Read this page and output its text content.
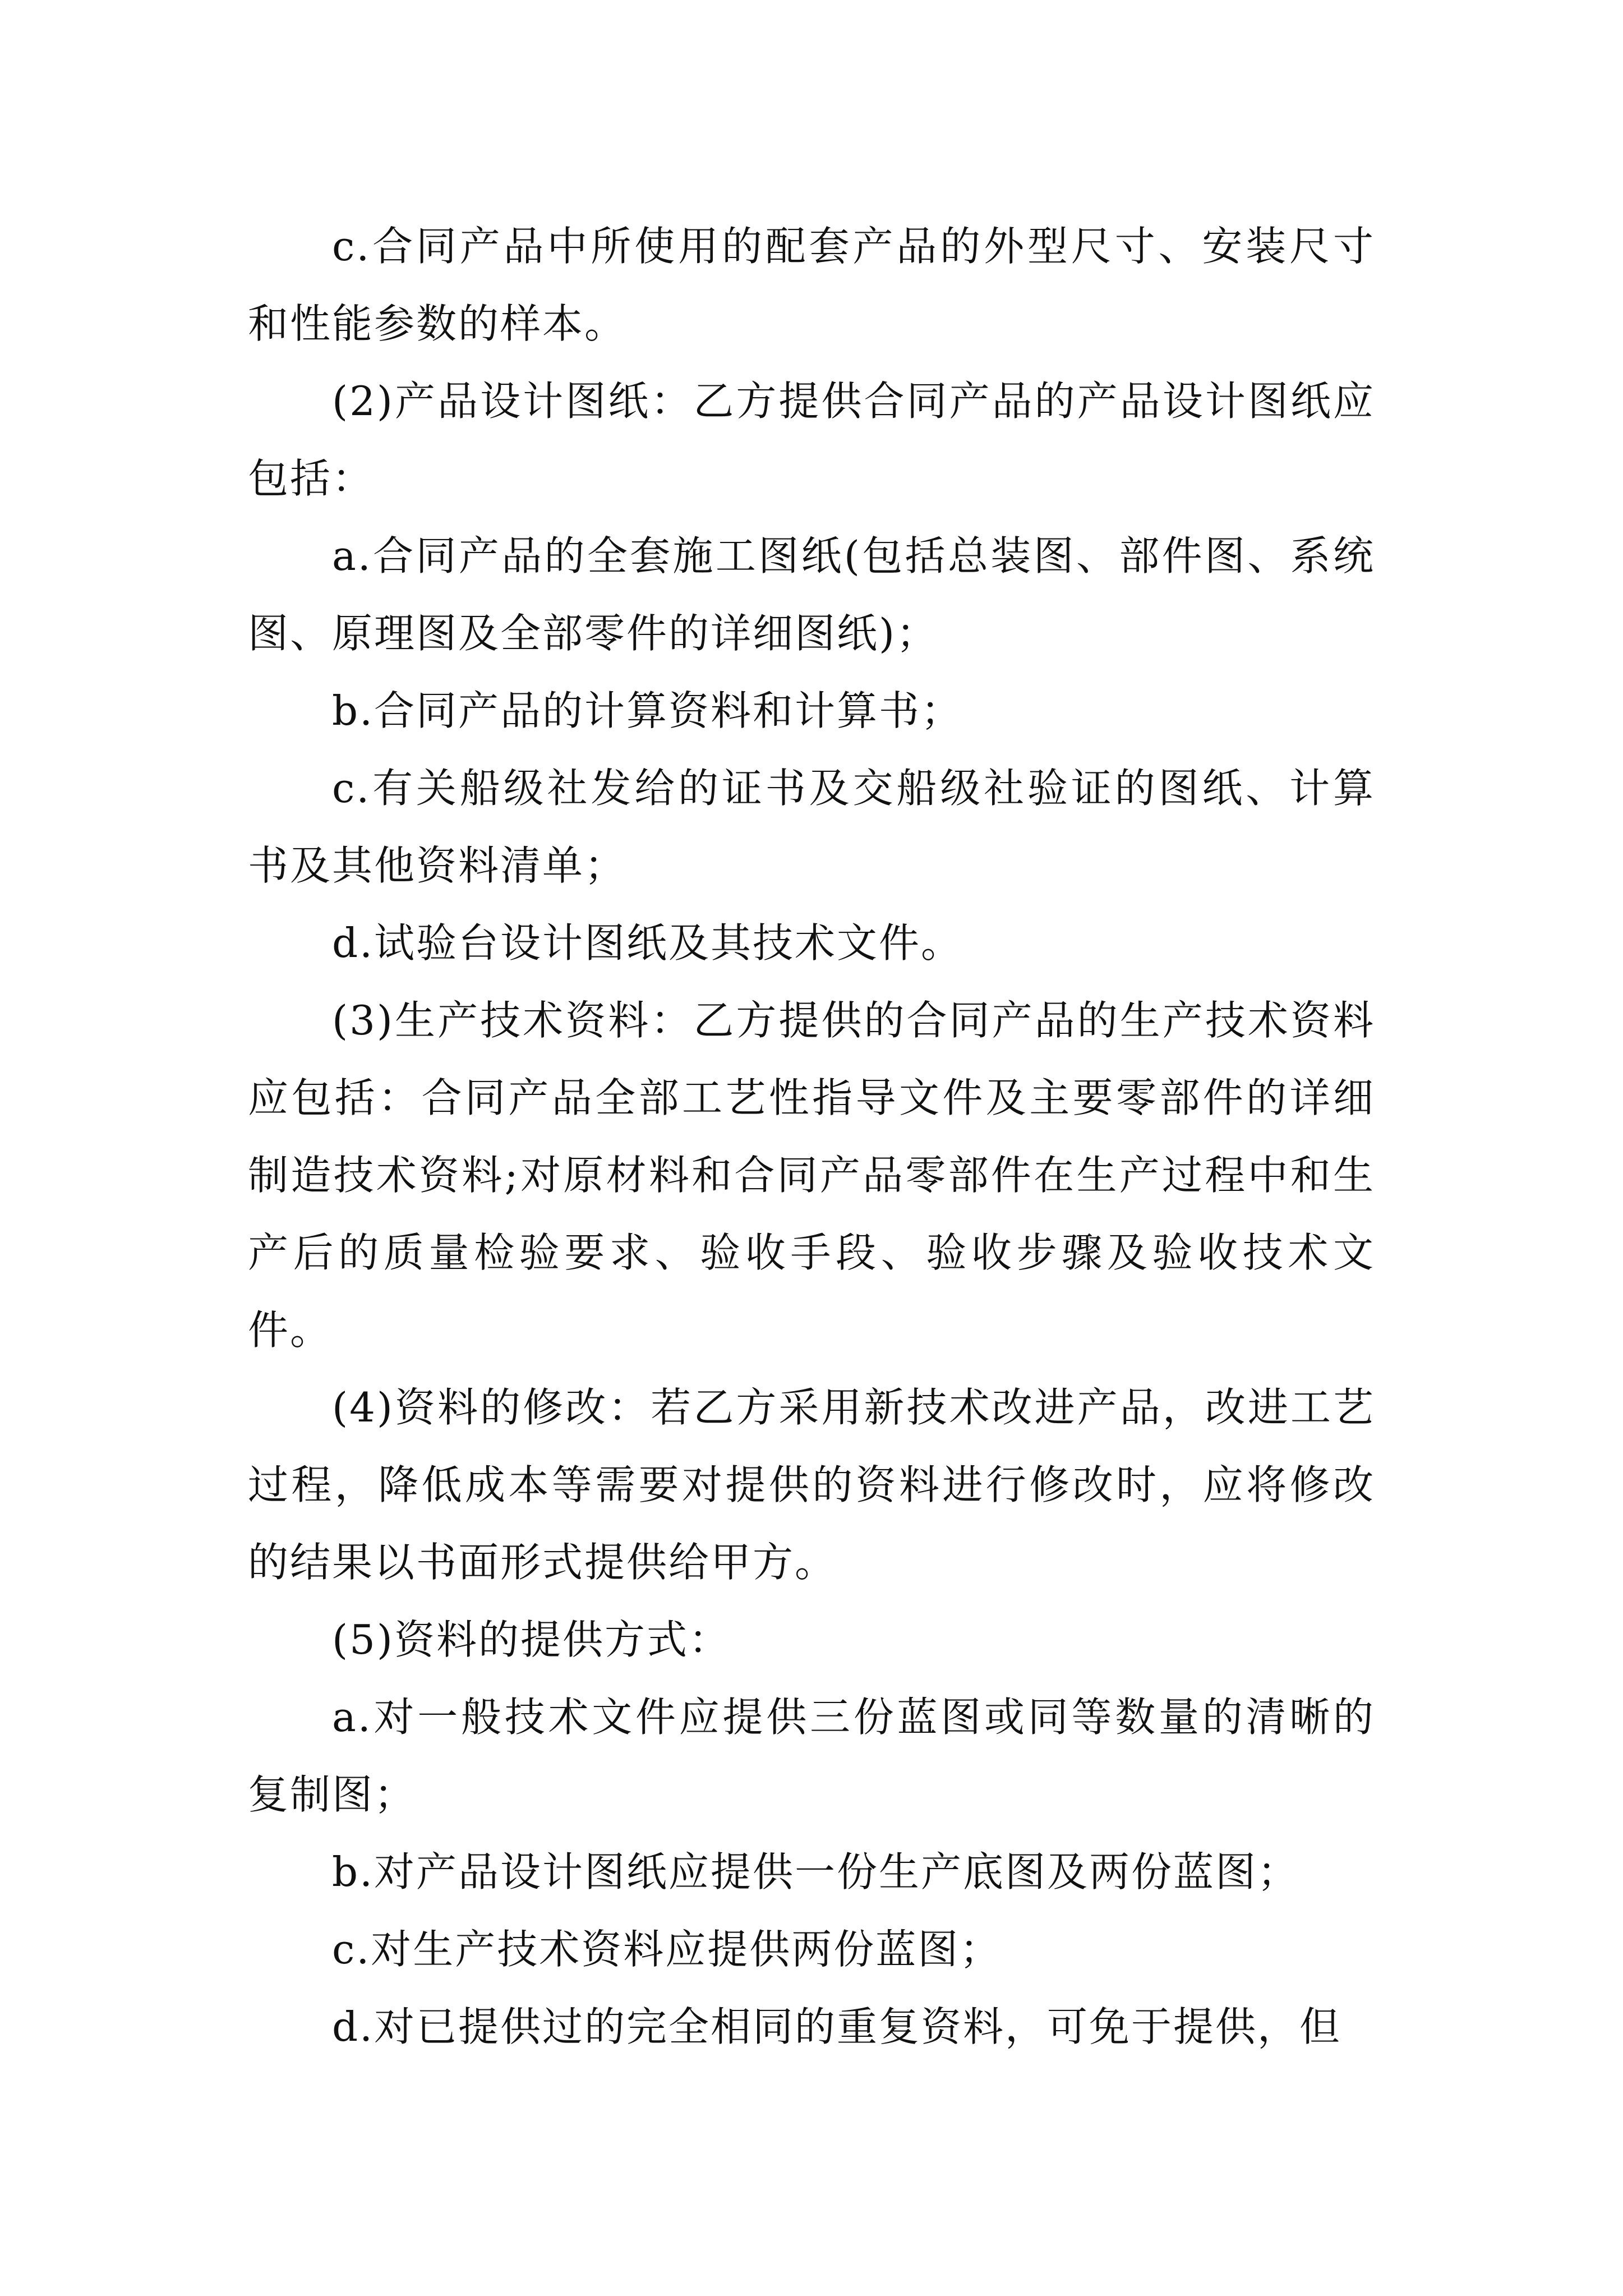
c.合同产品中所使用的配套产品的外型尺寸、安装尺寸和性能参数的样本。

(2)产品设计图纸：乙方提供合同产品的产品设计图纸应包括：

a.合同产品的全套施工图纸(包括总装图、部件图、系统图、原理图及全部零件的详细图纸)；

b.合同产品的计算资料和计算书；

c.有关船级社发给的证书及交船级社验证的图纸、计算书及其他资料清单；

d.试验台设计图纸及其技术文件。

(3)生产技术资料：乙方提供的合同产品的生产技术资料应包括：合同产品全部工艺性指导文件及主要零部件的详细制造技术资料;对原材料和合同产品零部件在生产过程中和生产后的质量检验要求、验收手段、验收步骤及验收技术文件。

(4)资料的修改：若乙方采用新技术改进产品，改进工艺过程，降低成本等需要对提供的资料进行修改时，应将修改的结果以书面形式提供给甲方。

(5)资料的提供方式：

a.对一般技术文件应提供三份蓝图或同等数量的清晰的复制图；

b.对产品设计图纸应提供一份生产底图及两份蓝图；

c.对生产技术资料应提供两份蓝图；

d.对已提供过的完全相同的重复资料，可免于提供，但
